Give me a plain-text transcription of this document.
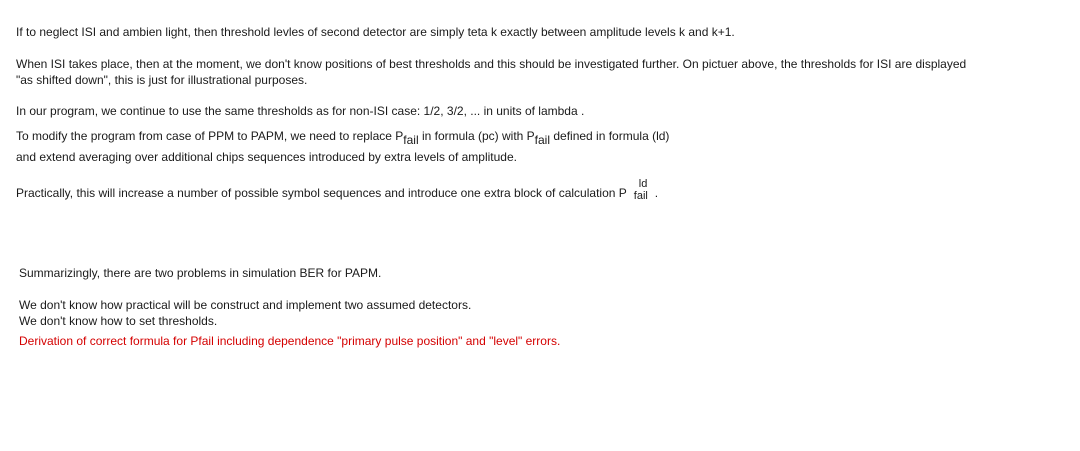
If to neglect ISI and ambien light, then threshold levles of second detector are simply teta k exactly between amplitude levels k and k+1.
When ISI takes place, then at the moment, we don't know positions of best thresholds and this should be investigated further. On pictuer above, the thresholds for ISI are displayed
"as shifted down", this is just for illustrational purposes.
In our program, we continue to use the same thresholds as for non-ISI case: 1/2, 3/2, ... in units of lambda .
To modify the program from case of PPM to PAPM, we need to replace Pfail in formula (pc) with Pfail defined in formula (ld)
and extend averaging over additional chips sequences introduced by extra levels of amplitude.
Practically, this will increase a number of possible symbol sequences and introduce one extra block of calculation P
ld
fail .
Summarizingly, there are two problems in simulation BER for PAPM.
We don't know how practical will be construct and implement two assumed detectors.
We don't know how to set thresholds.
Derivation of correct formula for Pfail including dependence "primary pulse position" and "level" errors.
